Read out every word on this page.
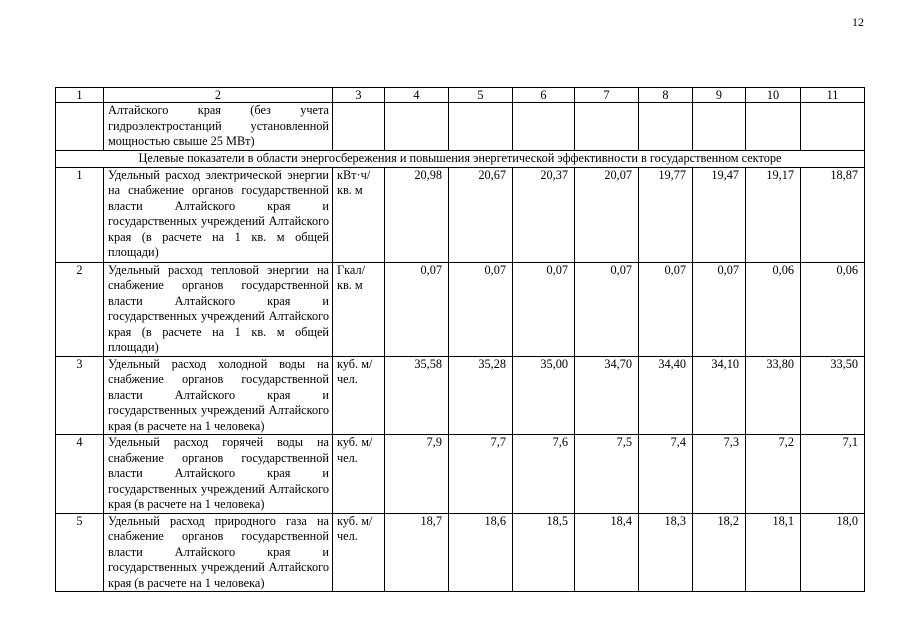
12
1	2	3	4	5	6	7	8	9	10	11
	Алтайского края (без учета гидроэлектростанций установленной мощностью свыше 25 МВт)									
Целевые показатели в области энергосбережения и повышения энергетической эффективности в государственном секторе										
1	Удельный расход электрической энергии на снабжение органов государственной власти Алтайского края и государственных учреждений Алтайского края (в расчете на 1 кв. м общей площади)	кВт·ч/ кв. м	20,98	20,67	20,37	20,07	19,77	19,47	19,17	18,87
2	Удельный расход тепловой энергии на снабжение органов государственной власти Алтайского края и государственных учреждений Алтайского края (в расчете на 1 кв. м общей площади)	Гкал/ кв. м	0,07	0,07	0,07	0,07	0,07	0,07	0,06	0,06
3	Удельный расход холодной воды на снабжение органов государственной власти Алтайского края и государственных учреждений Алтайского края (в расчете на 1 человека)	куб. м/ чел.	35,58	35,28	35,00	34,70	34,40	34,10	33,80	33,50
4	Удельный расход горячей воды на снабжение органов государственной власти Алтайского края и государственных учреждений Алтайского края (в расчете на 1 человека)	куб. м/ чел.	7,9	7,7	7,6	7,5	7,4	7,3	7,2	7,1
5	Удельный расход природного газа на снабжение органов государственной власти Алтайского края и государственных учреждений Алтайского края (в расчете на 1 человека)	куб. м/ чел.	18,7	18,6	18,5	18,4	18,3	18,2	18,1	18,0
